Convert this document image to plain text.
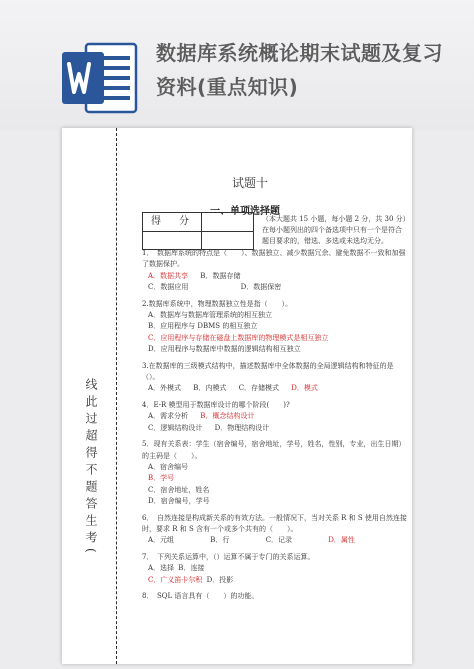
数据库系统概论期末试题及复习资料(重点知识)
线此过超得不题答生考(
试题十
一、单项选择题
得　分	（本大题共 15 小题，每小题 2 分，共 30 分）在每小题列出的四个备选项中只有一个是符合题目要求的，错选、多选或未选均无分。
1．　数据库系统的特点是（　　）、数据独立、减少数据冗余、避免数据不一致和加强了数据保护。
A．数据共享 B．数据存储
C．数据应用	D．数据保密
2.数据库系统中，物理数据独立性是指（　　）。
A．数据库与数据库管理系统的相互独立
B．应用程序与 DBMS 的相互独立
C．应用程序与存储在磁盘上数据库的物理模式是相互独立
D．应用程序与数据库中数据的逻辑结构相互独立
3.在数据库的三级模式结构中，描述数据库中全体数据的全局逻辑结构和特征的是（）。
A．外模式 B．内模式 C．存储模式 D．模式
4．E-R 模型用于数据库设计的哪个阶段(　　)?
A．需求分析 B．概念结构设计
C．逻辑结构设计 D．物理结构设计
5．现有关系表：学生（宿舍编号，宿舍地址，学号，姓名，性别，专业，出生日期）的主码是（　　）。
A．宿舍编号
B．学号
C．宿舍地址，姓名
D．宿舍编号，学号
6．　自然连接是构成新关系的有效方法。一般情况下，当对关系 R 和 S 使用自然连接时，要求 R 和 S 含有一个或多个共有的（　　）。
A．元组	B．行	C．记录	D．属性
7．　下列关系运算中，（）运算不属于专门的关系运算。
A．选择 B．连接
C．广义笛卡尔积 D．投影
8．　SQL 语言具有（　　）的功能。
